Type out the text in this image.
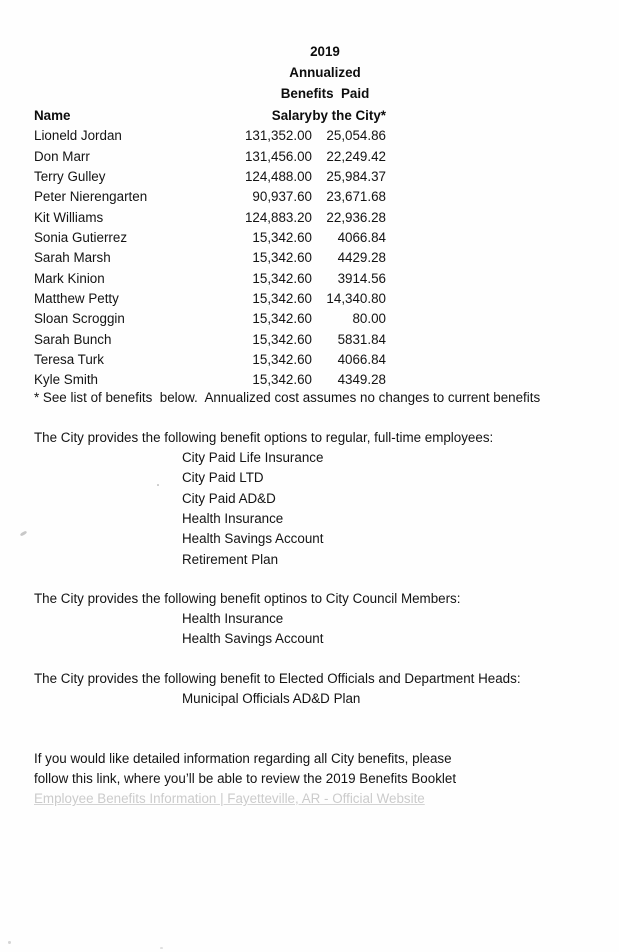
2019
Annualized
Benefits  Paid
Name	Salary	by the City*
Lioneld Jordan	131,352.00	25,054.86
Don Marr	131,456.00	22,249.42
Terry Gulley	124,488.00	25,984.37
Peter Nierengarten	90,937.60	23,671.68
Kit Williams	124,883.20	22,936.28
Sonia Gutierrez	15,342.60	4066.84
Sarah Marsh	15,342.60	4429.28
Mark Kinion	15,342.60	3914.56
Matthew Petty	15,342.60	14,340.80
Sloan Scroggin	15,342.60	80.00
Sarah Bunch	15,342.60	5831.84
Teresa Turk	15,342.60	4066.84
Kyle Smith	15,342.60	4349.28
* See list of benefits  below.  Annualized cost assumes no changes to current benefits
The City provides the following benefit options to regular, full-time employees:
City Paid Life Insurance
City Paid LTD
City Paid AD&D
Health Insurance
Health Savings Account
Retirement Plan
The City provides the following benefit optinos to City Council Members:
Health Insurance
Health Savings Account
The City provides the following benefit to Elected Officials and Department Heads:
Municipal Officials AD&D Plan
If you would like detailed information regarding all City benefits, please
follow this link, where you’ll be able to review the 2019 Benefits Booklet
Employee Benefits Information | Fayetteville, AR - Official Website
